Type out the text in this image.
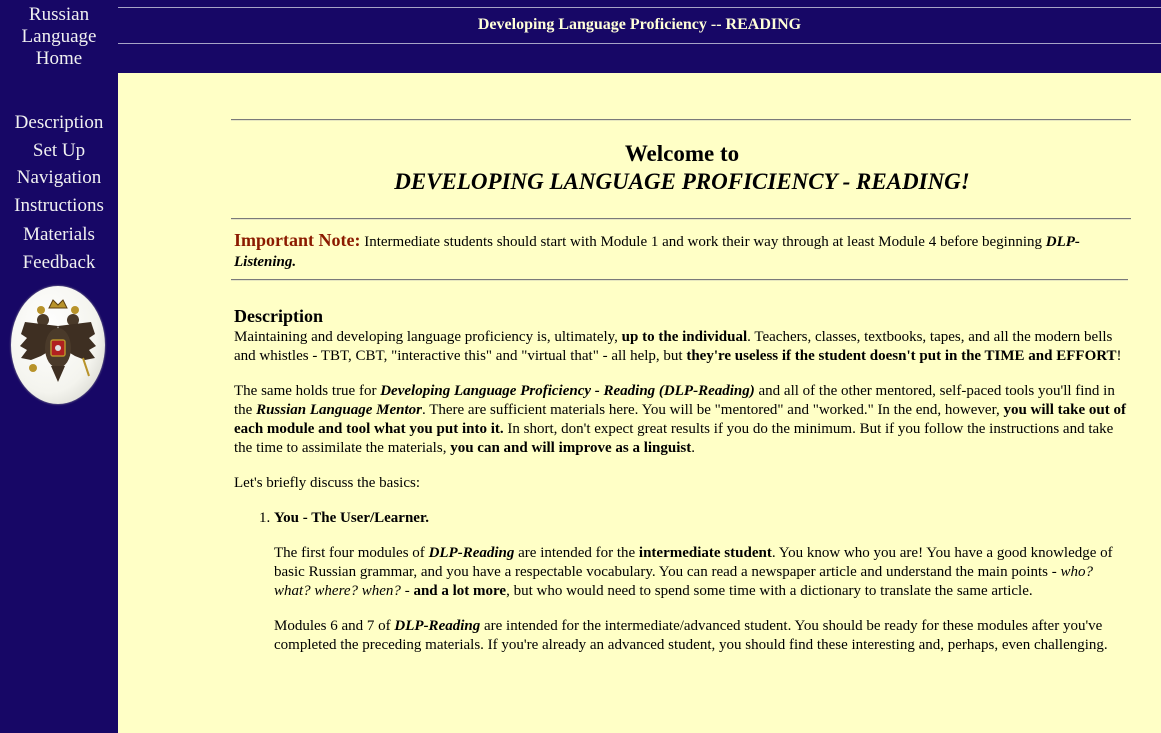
Russian
Language
Home
Description
Set Up
Navigation
Instructions
Materials
Feedback
Developing Language Proficiency -- READING
Welcome to
DEVELOPING LANGUAGE PROFICIENCY - READING!
Important Note: Intermediate students should start with Module 1 and work their way through at least Module 4 before beginning DLP-Listening.
Description

Maintaining and developing language proficiency is, ultimately, up to the individual. Teachers, classes, textbooks, tapes, and all the modern bells and whistles - TBT, CBT, "interactive this" and "virtual that" - all help, but they're useless if the student doesn't put in the TIME and EFFORT!

The same holds true for Developing Language Proficiency - Reading (DLP-Reading) and all of the other mentored, self-paced tools you'll find in the Russian Language Mentor. There are sufficient materials here. You will be "mentored" and "worked." In the end, however, you will take out of each module and tool what you put into it. In short, don't expect great results if you do the minimum. But if you follow the instructions and take the time to assimilate the materials, you can and will improve as a linguist.

Let's briefly discuss the basics:

1. You - The User/Learner.

The first four modules of DLP-Reading are intended for the intermediate student. You know who you are! You have a good knowledge of basic Russian grammar, and you have a respectable vocabulary. You can read a newspaper article and understand the main points - who? what? where? when? - and a lot more, but who would need to spend some time with a dictionary to translate the same article.

Modules 6 and 7 of DLP-Reading are intended for the intermediate/advanced student. You should be ready for these modules after you've completed the preceding materials. If you're already an advanced student, you should find these interesting and, perhaps, even challenging.
